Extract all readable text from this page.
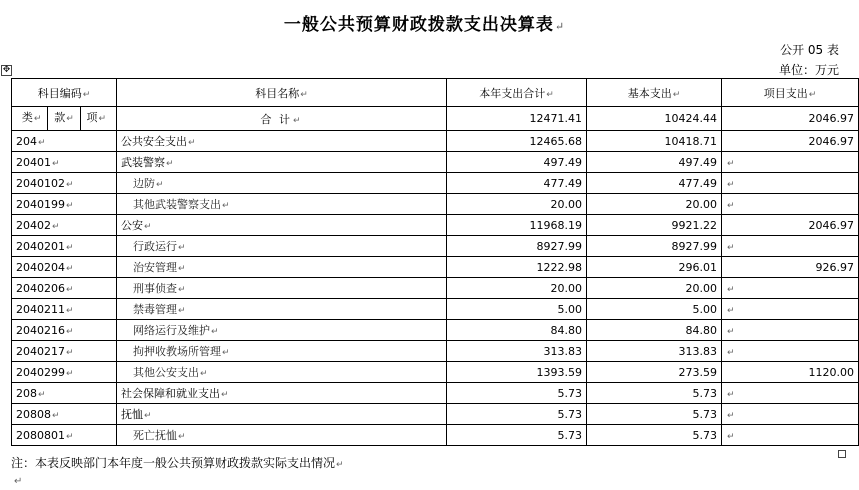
一般公共预算财政拨款支出决算表↵
公开 05 表
单位：万元
✥
科目编码↵	科目名称↵	本年支出合计↵	基本支出↵	项目支出↵

类↵ 款↵ 项↵	合 计↵	12471.41	10424.44	2046.97
204↵	公共安全支出↵	12465.68	10418.71	2046.97
20401↵	武装警察↵	497.49	497.49	↵
2040102↵	边防↵	477.49	477.49	↵
2040199↵	其他武装警察支出↵	20.00	20.00	↵
20402↵	公安↵	11968.19	9921.22	2046.97
2040201↵	行政运行↵	8927.99	8927.99	↵
2040204↵	治安管理↵	1222.98	296.01	926.97
2040206↵	刑事侦查↵	20.00	20.00	↵
2040211↵	禁毒管理↵	5.00	5.00	↵
2040216↵	网络运行及维护↵	84.80	84.80	↵
2040217↵	拘押收教场所管理↵	313.83	313.83	↵
2040299↵	其他公安支出↵	1393.59	273.59	1120.00
208↵	社会保障和就业支出↵	5.73	5.73	↵
20808↵	抚恤↵	5.73	5.73	↵
2080801↵	死亡抚恤↵	5.73	5.73	↵
注：本表反映部门本年度一般公共预算财政拨款实际支出情况↵
↵
